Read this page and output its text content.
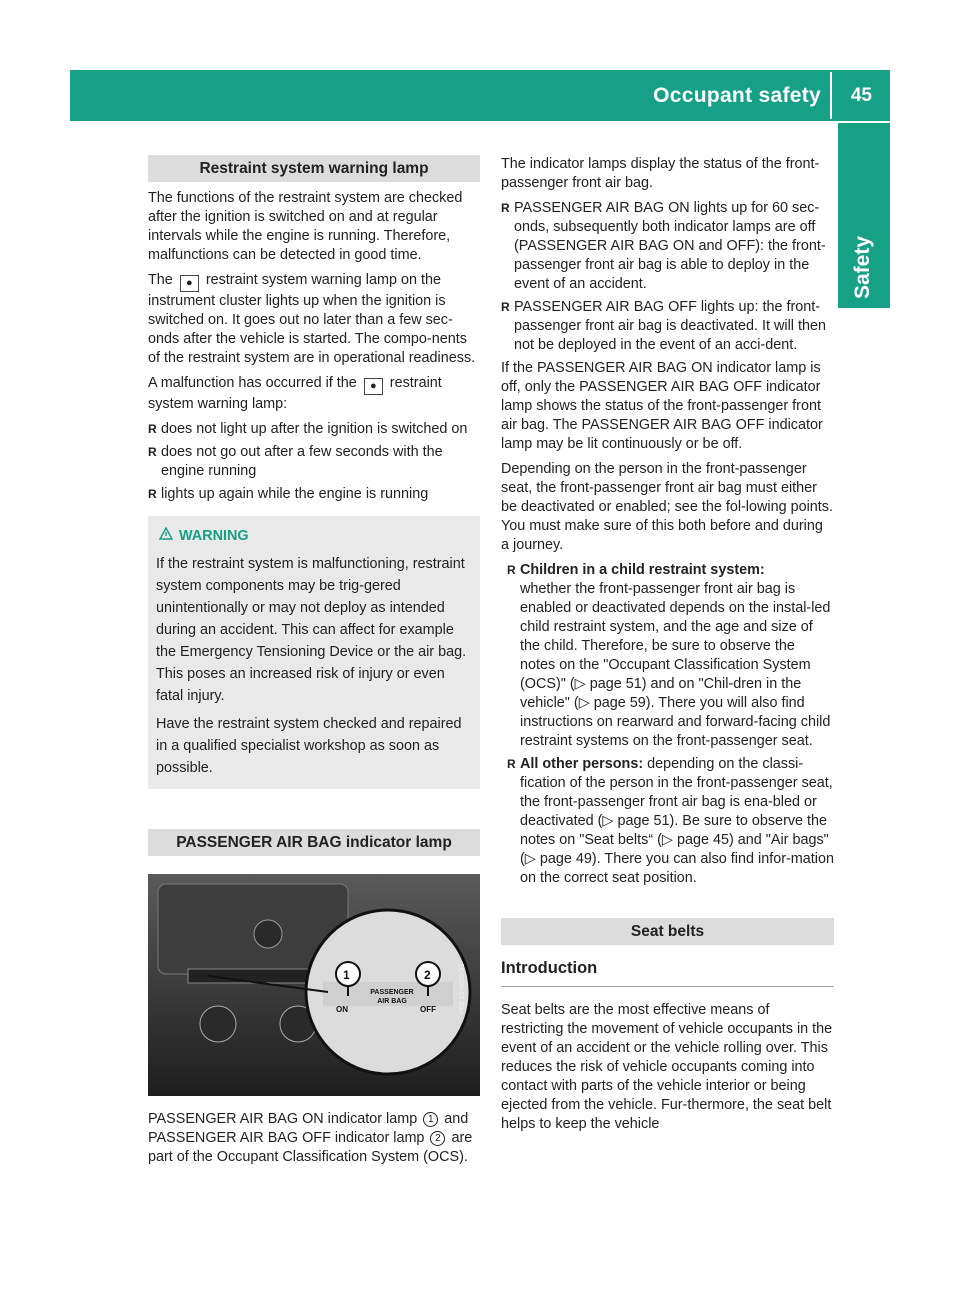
Occupant safety 45
Safety
Restraint system warning lamp

The functions of the restraint system are checked after the ignition is switched on and at regular intervals while the engine is running. Therefore, malfunctions can be detected in good time.

The ● restraint system warning lamp on the instrument cluster lights up when the ignition is switched on. It goes out no later than a few sec-onds after the vehicle is started. The compo-nents of the restraint system are in operational readiness.

A malfunction has occurred if the ● restraint system warning lamp:

R does not light up after the ignition is switched on
R does not go out after a few seconds with the engine running
R lights up again while the engine is running
WARNING

If the restraint system is malfunctioning, restraint system components may be trig-gered unintentionally or may not deploy as intended during an accident. This can affect for example the Emergency Tensioning Device or the air bag. This poses an increased risk of injury or even fatal injury.

Have the restraint system checked and repaired in a qualified specialist workshop as soon as possible.

PASSENGER AIR BAG indicator lamp
1	2
ON
PASSENGER
AIR BAG
OFF	P68.10-4820-31

PASSENGER AIR BAG ON indicator lamp 1 and PASSENGER AIR BAG OFF indicator lamp 2 are part of the Occupant Classification System (OCS).

The indicator lamps display the status of the front-passenger front air bag.

R PASSENGER AIR BAG ON lights up for 60 sec-onds, subsequently both indicator lamps are off (PASSENGER AIR BAG ON and OFF): the front-passenger front air bag is able to deploy in the event of an accident.
R PASSENGER AIR BAG OFF lights up: the front-passenger front air bag is deactivated. It will then not be deployed in the event of an acci-dent.

If the PASSENGER AIR BAG ON indicator lamp is off, only the PASSENGER AIR BAG OFF indicator lamp shows the status of the front-passenger front air bag. The PASSENGER AIR BAG OFF indicator lamp may be lit continuously or be off.

Depending on the person in the front-passenger seat, the front-passenger front air bag must either be deactivated or enabled; see the fol-lowing points. You must make sure of this both before and during a journey.

R Children in a child restraint system:
whether the front-passenger front air bag is enabled or deactivated depends on the instal-led child restraint system, and the age and size of the child. Therefore, be sure to observe the notes on the "Occupant Classification System (OCS)" (▷ page 51) and on "Chil-dren in the vehicle" (▷ page 59). There you will also find instructions on rearward and forward-facing child restraint systems on the front-passenger seat.
R All other persons: depending on the classi-fication of the person in the front-passenger seat, the front-passenger front air bag is ena-bled or deactivated (▷ page 51). Be sure to observe the notes on "Seat belts“ (▷ page 45) and "Air bags" (▷ page 49). There you can also find infor-mation on the correct seat position.
Seat belts
Introduction

Seat belts are the most effective means of restricting the movement of vehicle occupants in the event of an accident or the vehicle rolling over. This reduces the risk of vehicle occupants coming into contact with parts of the vehicle interior or being ejected from the vehicle. Fur-thermore, the seat belt helps to keep the vehicle
